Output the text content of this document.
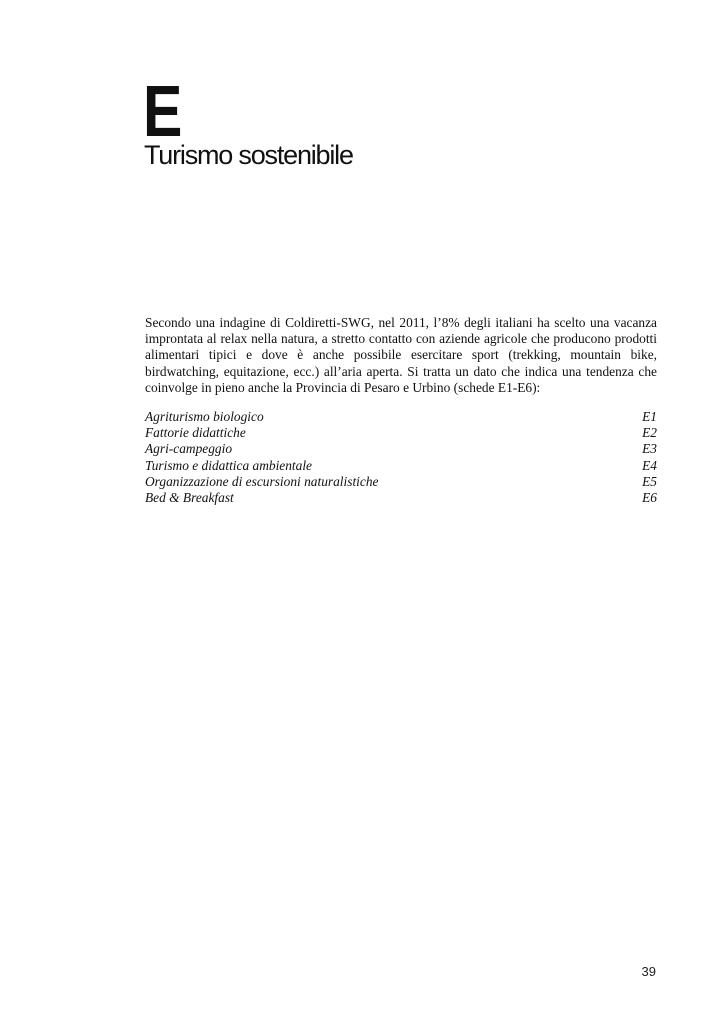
E
Turismo sostenibile

Secondo una indagine di Coldiretti-SWG, nel 2011, l’8% degli italiani ha scelto una vacanza improntata al relax nella natura, a stretto contatto con aziende agricole che producono prodotti alimentari tipici e dove è anche possibile esercitare sport (trekking, mountain bike, birdwatching, equitazione, ecc.) all’aria aperta. Si tratta un dato che indica una tendenza che coinvolge in pieno anche la Provincia di Pesaro e Urbino (schede E1-E6):

Agriturismo biologico	E1
Fattorie didattiche	E2
Agri-campeggio	E3
Turismo e didattica ambientale	E4
Organizzazione di escursioni naturalistiche	E5
Bed & Breakfast	E6
39
